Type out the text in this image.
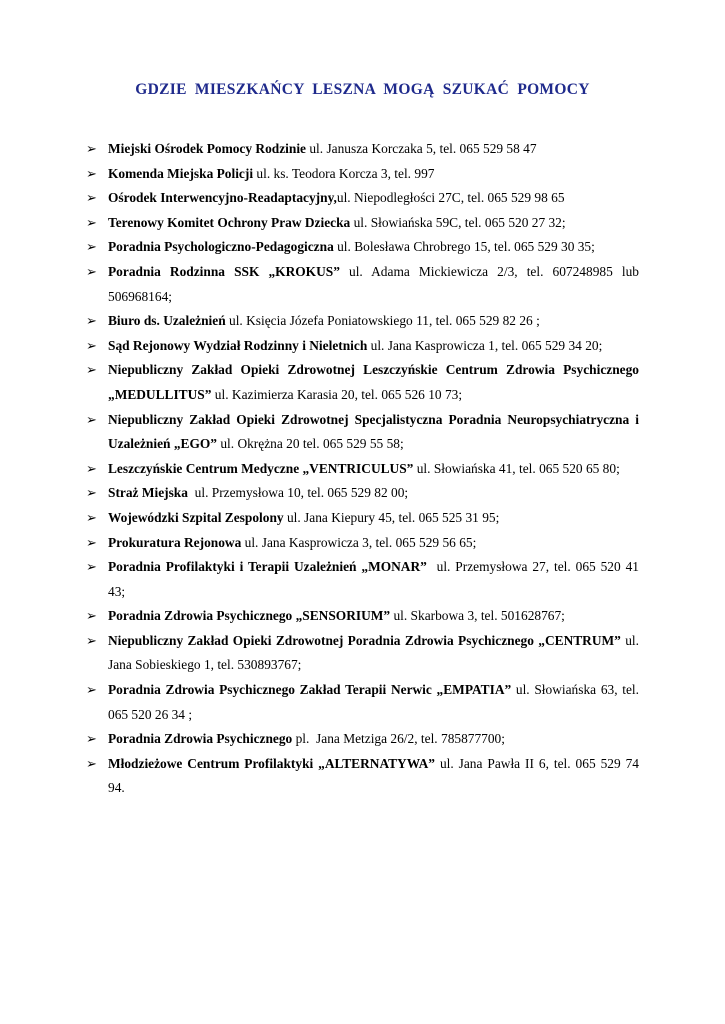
GDZIE MIESZKAŃCY LESZNA MOGĄ SZUKAĆ POMOCY
➢ Miejski Ośrodek Pomocy Rodzinie ul. Janusza Korczaka 5, tel. 065 529 58 47
➢ Komenda Miejska Policji ul. ks. Teodora Korcza 3, tel. 997
➢ Ośrodek Interwencyjno-Readaptacyjny,ul. Niepodległości 27C, tel. 065 529 98 65
➢ Terenowy Komitet Ochrony Praw Dziecka ul. Słowiańska 59C, tel. 065 520 27 32;
➢ Poradnia Psychologiczno-Pedagogiczna ul. Bolesława Chrobrego 15, tel. 065 529 30 35;
➢ Poradnia Rodzinna SSK „KROKUS” ul. Adama Mickiewicza 2/3, tel. 607248985 lub 506968164;
➢ Biuro ds. Uzależnień ul. Księcia Józefa Poniatowskiego 11, tel. 065 529 82 26 ;
➢ Sąd Rejonowy Wydział Rodzinny i Nieletnich ul. Jana Kasprowicza 1, tel. 065 529 34 20;
➢ Niepubliczny Zakład Opieki Zdrowotnej Leszczyńskie Centrum Zdrowia Psychicznego „MEDULLITUS” ul. Kazimierza Karasia 20, tel. 065 526 10 73;
➢ Niepubliczny Zakład Opieki Zdrowotnej Specjalistyczna Poradnia Neuropsychiatryczna i Uzależnień „EGO” ul. Okrężna 20 tel. 065 529 55 58;
➢ Leszczyńskie Centrum Medyczne „VENTRICULUS” ul. Słowiańska 41, tel. 065 520 65 80;
➢ Straż Miejska  ul. Przemysłowa 10, tel. 065 529 82 00;
➢ Wojewódzki Szpital Zespolony ul. Jana Kiepury 45, tel. 065 525 31 95;
➢ Prokuratura Rejonowa ul. Jana Kasprowicza 3, tel. 065 529 56 65;
➢ Poradnia Profilaktyki i Terapii Uzależnień „MONAR”  ul. Przemysłowa 27, tel. 065 520 41 43;
➢ Poradnia Zdrowia Psychicznego „SENSORIUM” ul. Skarbowa 3, tel. 501628767;
➢ Niepubliczny Zakład Opieki Zdrowotnej Poradnia Zdrowia Psychicznego „CENTRUM” ul. Jana Sobieskiego 1, tel. 530893767;
➢ Poradnia Zdrowia Psychicznego Zakład Terapii Nerwic „EMPATIA” ul. Słowiańska 63, tel. 065 520 26 34 ;
➢ Poradnia Zdrowia Psychicznego pl.  Jana Metziga 26/2, tel. 785877700;
➢ Młodzieżowe Centrum Profilaktyki „ALTERNATYWA” ul. Jana Pawła II 6, tel. 065 529 74 94.
